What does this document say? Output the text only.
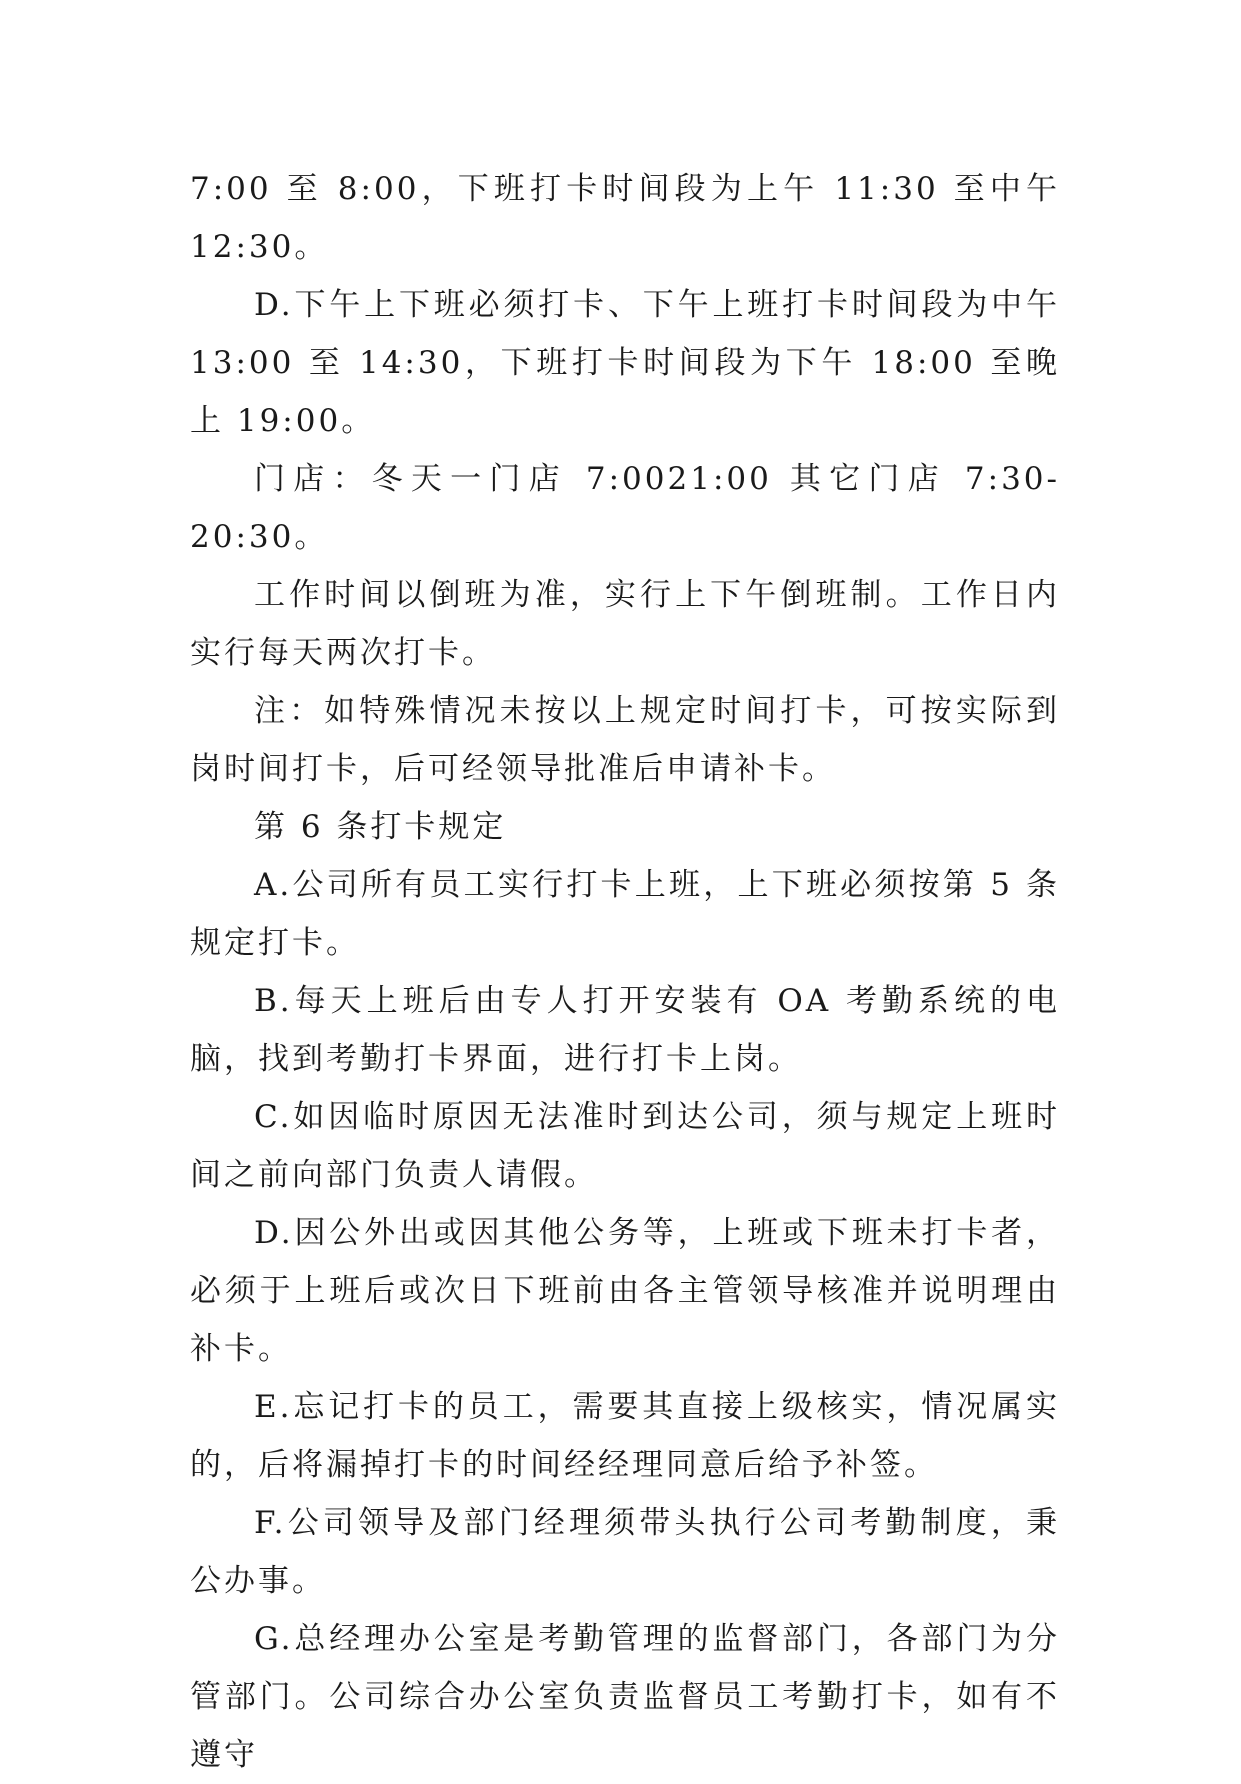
7:00 至 8:00，下班打卡时间段为上午 11:30 至中午 12:30。

D.下午上下班必须打卡、下午上班打卡时间段为中午 13:00 至 14:30，下班打卡时间段为下午 18:00 至晚上 19:00。

门店：冬天一门店 7:0021:00 其它门店 7:30-20:30。

工作时间以倒班为准，实行上下午倒班制。工作日内实行每天两次打卡。

注：如特殊情况未按以上规定时间打卡，可按实际到岗时间打卡，后可经领导批准后申请补卡。

第 6 条打卡规定

A.公司所有员工实行打卡上班，上下班必须按第 5 条规定打卡。

B.每天上班后由专人打开安装有 OA 考勤系统的电脑，找到考勤打卡界面，进行打卡上岗。

C.如因临时原因无法准时到达公司，须与规定上班时间之前向部门负责人请假。

D.因公外出或因其他公务等，上班或下班未打卡者，必须于上班后或次日下班前由各主管领导核准并说明理由补卡。

E.忘记打卡的员工，需要其直接上级核实，情况属实的，后将漏掉打卡的时间经经理同意后给予补签。

F.公司领导及部门经理须带头执行公司考勤制度，秉公办事。

G.总经理办公室是考勤管理的监督部门，各部门为分管部门。公司综合办公室负责监督员工考勤打卡，如有不遵守
